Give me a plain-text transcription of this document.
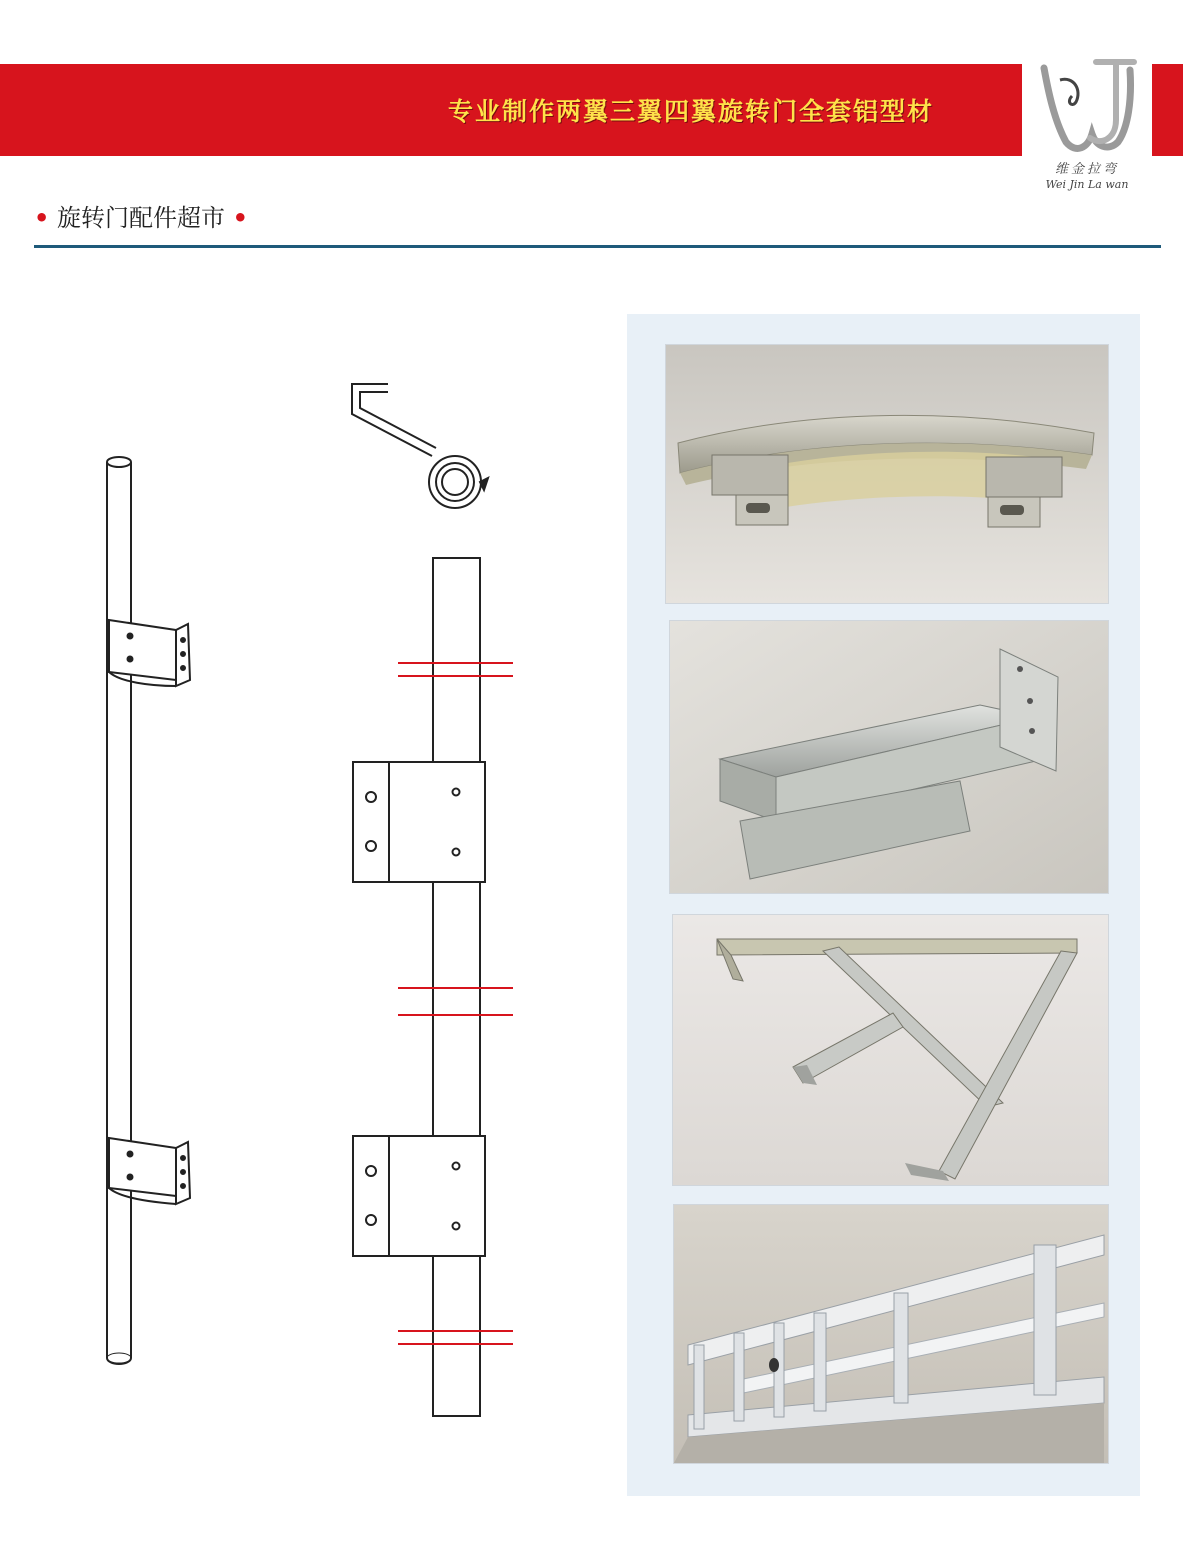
专业制作两翼三翼四翼旋转门全套铝型材
维金拉弯
Wei Jin La wan
• 旋转门配件超市 •
